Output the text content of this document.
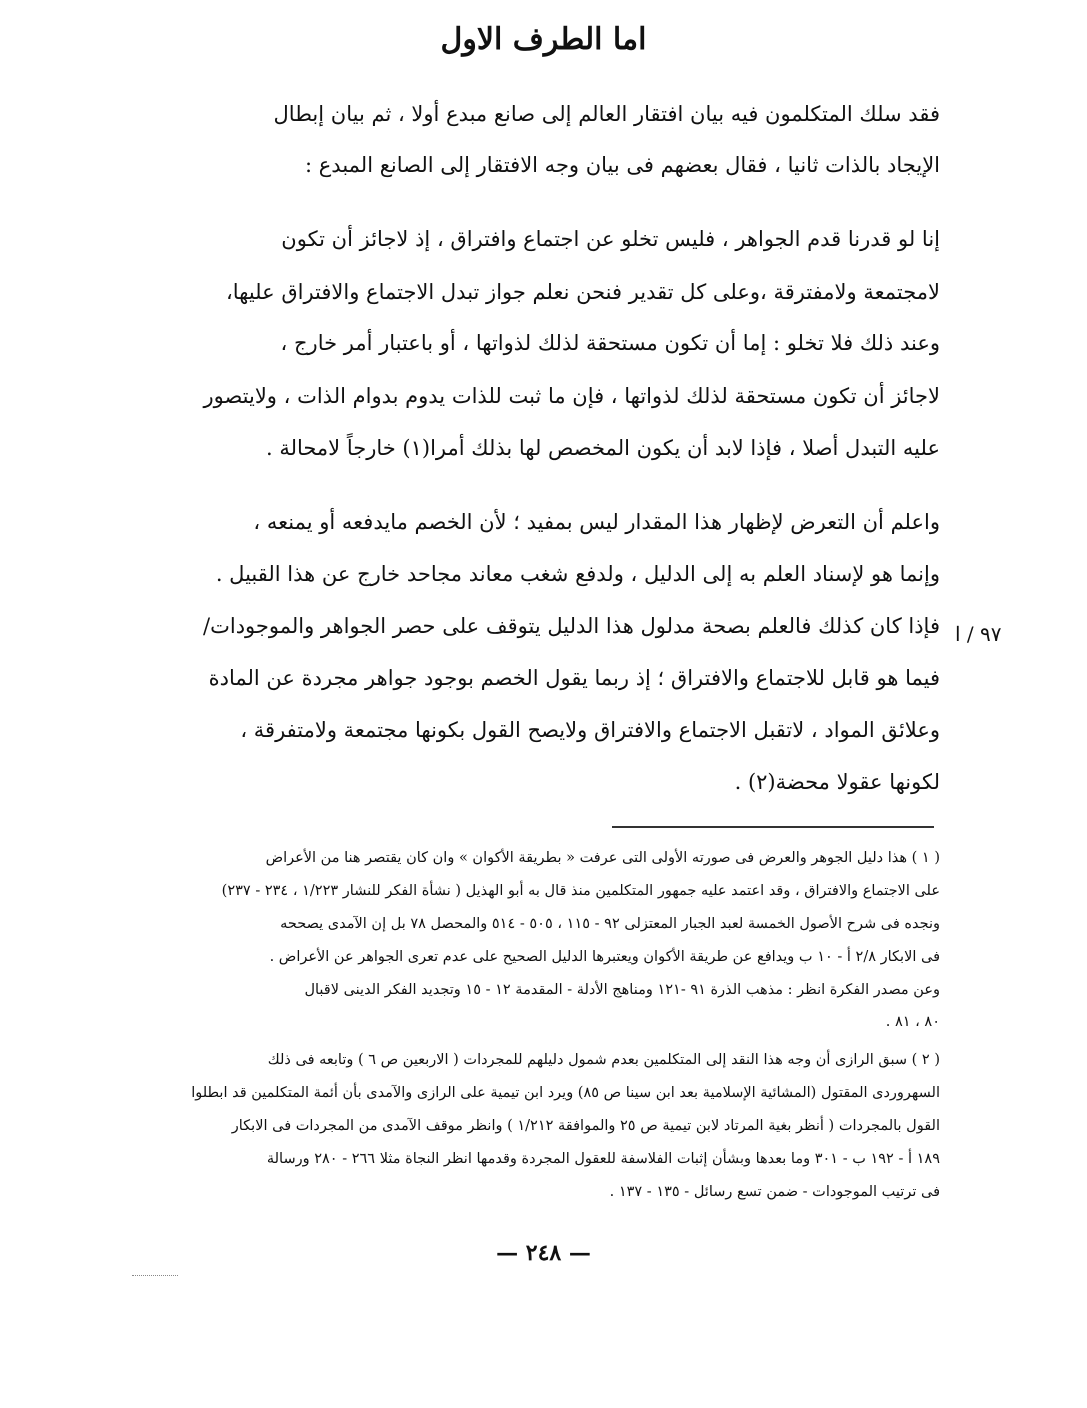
اما الطرف الاول
فقد سلك المتكلمون فيه بيان افتقار العالم إلى صانع مبدع أولا ، ثم بيان إبطال
الإيجاد بالذات ثانيا ، فقال بعضهم فى بيان وجه الافتقار إلى الصانع المبدع :
إنا لو قدرنا قدم الجواهر ، فليس تخلو عن اجتماع وافتراق ، إذ لاجائز أن تكون
لامجتمعة ولامفترقة ،وعلى كل تقدير فنحن نعلم جواز تبدل الاجتماع والافتراق عليها،
وعند ذلك فلا تخلو : إما أن تكون مستحقة لذلك لذواتها ، أو باعتبار أمر خارج ،
لاجائز أن تكون مستحقة لذلك لذواتها ، فإن ما ثبت للذات يدوم بدوام الذات ، ولايتصور
عليه التبدل أصلا ، فإذا لابد أن يكون المخصص لها بذلك أمرا(١) خارجاً لامحالة .
واعلم أن التعرض لإظهار هذا المقدار ليس بمفيد ؛ لأن الخصم مايدفعه أو يمنعه ،
وإنما هو لإسناد العلم به إلى الدليل ، ولدفع شغب معاند مجاحد خارج عن هذا القبيل .
فإذا كان كذلك فالعلم بصحة مدلول هذا الدليل يتوقف على حصر الجواهر والموجودات/
فيما هو قابل للاجتماع والافتراق ؛ إذ ربما يقول الخصم بوجود جواهر مجردة عن المادة
وعلائق المواد ، لاتقبل الاجتماع والافتراق ولايصح القول بكونها مجتمعة ولامتفرقة ،
لكونها عقولا محضة(٢) .
٩٧ / ا
( ١ ) هذا دليل الجوهر والعرض فى صورته الأولى التى عرفت « بطريقة الأكوان » وان كان يقتصر هنا من الأعراض
على الاجتماع والافتراق ، وقد اعتمد عليه جمهور المتكلمين منذ قال به أبو الهذيل ( نشأة الفكر للنشار ١/٢٢٣ ، ٢٣٤ - ٢٣٧)
ونجده فى شرح الأصول الخمسة لعبد الجبار المعتزلى ٩٢ - ١١٥ ، ٥٠٥ - ٥١٤ والمحصل ٧٨ بل إن الآمدى يصححه
فى الابكار ٢/٨ أ - ١٠ ب ويدافع عن طريقة الأكوان ويعتبرها الدليل الصحيح على عدم تعرى الجواهر عن الأعراض .
وعن مصدر الفكرة انظر : مذهب الذرة ٩١ -١٢١ ومناهج الأدلة - المقدمة ١٢ - ١٥ وتجديد الفكر الدينى لاقبال
٨٠ ، ٨١ .
( ٢ ) سبق الرازى أن وجه هذا النقد إلى المتكلمين بعدم شمول دليلهم للمجردات ( الاربعين ص ٦ ) وتابعه فى ذلك
السهروردى المقتول (المشائية الإسلامية بعد ابن سينا ص ٨٥) ويرد ابن تيمية على الرازى والآمدى بأن أئمة المتكلمين قد ابطلوا
القول بالمجردات ( أنظر بغية المرتاد لابن تيمية ص ٢٥ والموافقة ١/٢١٢ ) وانظر موقف الآمدى من المجردات فى الابكار
١٨٩ أ - ١٩٢ ب - ٣٠١ وما بعدها وبشأن إثبات الفلاسفة للعقول المجردة وقدمها انظر النجاة مثلا ٢٦٦ - ٢٨٠ ورسالة
فى ترتيب الموجودات - ضمن تسع رسائل - ١٣٥ - ١٣٧ .
— ٢٤٨ —
